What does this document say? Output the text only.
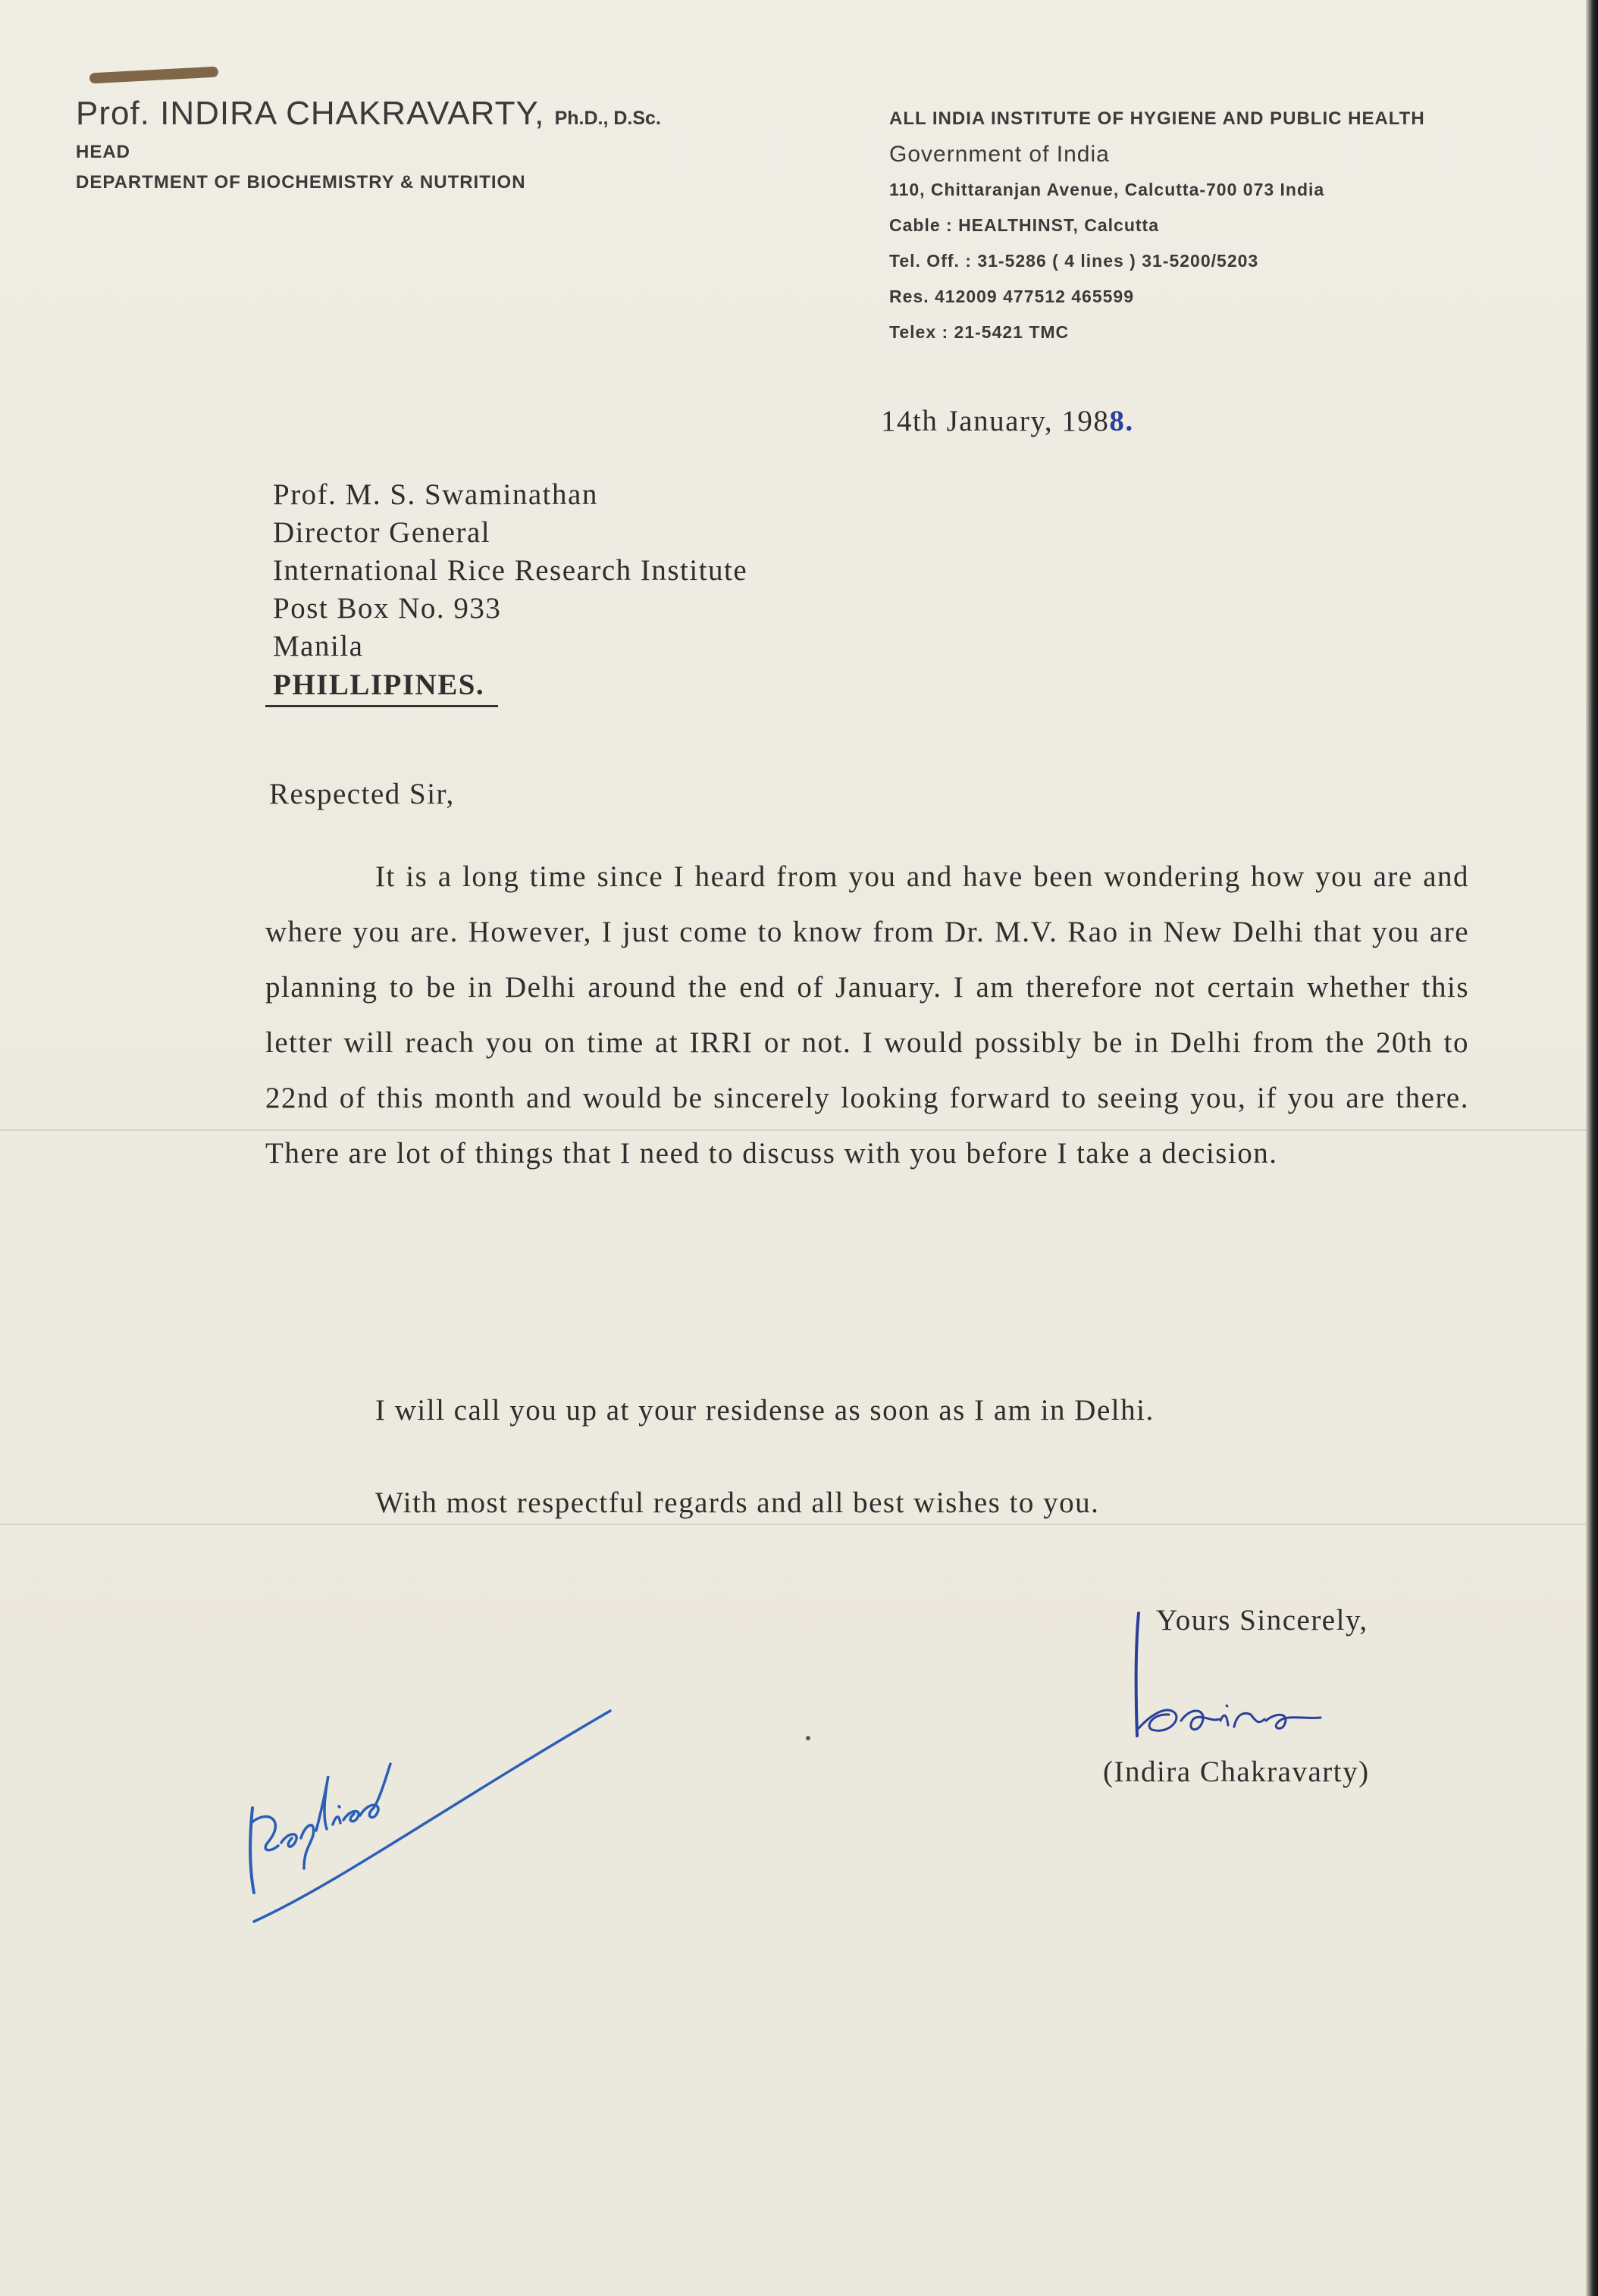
Prof. INDIRA CHAKRAVARTY, Ph.D., D.Sc.
HEAD
DEPARTMENT OF BIOCHEMISTRY & NUTRITION
ALL INDIA INSTITUTE OF HYGIENE AND PUBLIC HEALTH
Government of India
110, Chittaranjan Avenue, Calcutta-700 073 India
Cable : HEALTHINST, Calcutta
Tel. Off. : 31-5286 ( 4 lines ) 31-5200/5203
Res. 412009 477512 465599
Telex : 21-5421 TMC
14th January, 1988.
Prof. M. S. Swaminathan
Director General
International Rice Research Institute
Post Box No. 933
Manila
PHILLIPINES.
Respected Sir,
It is a long time since I heard from you and have been wondering how you are and where you are. However, I just come to know from Dr. M.V. Rao in New Delhi that you are planning to be in Delhi around the end of January. I am therefore not certain whether this letter will reach you on time at IRRI or not. I would possibly be in Delhi from the 20th to 22nd of this month and would be sincerely looking forward to seeing you, if you are there. There are lot of things that I need to discuss with you before I take a decision.
I will call you up at your residense as soon as I am in Delhi.
With most respectful regards and all best wishes to you.
Yours Sincerely,
(Indira Chakravarty)
